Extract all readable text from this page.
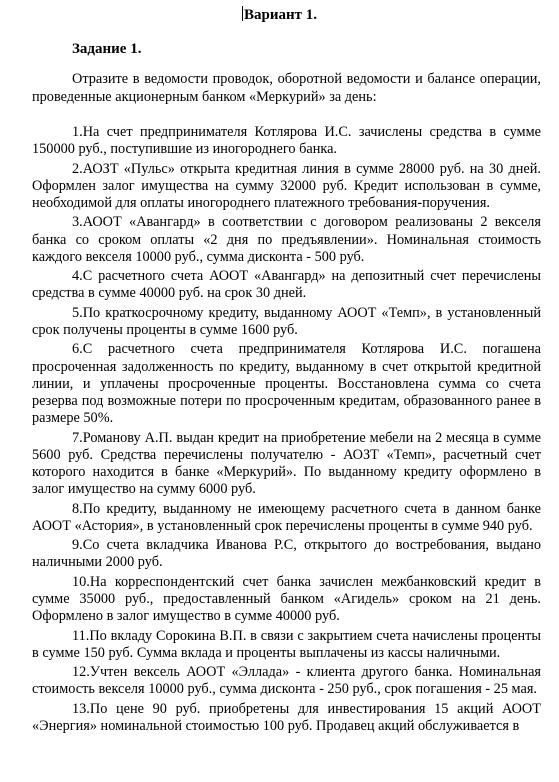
Вариант 1.
Задание 1.

Отразите в ведомости проводок, оборотной ведомости и балансе операции, проведенные акционерным банком «Меркурий» за день:

1.На счет предпринимателя Котлярова И.С. зачислены средства в сумме 150000 руб., поступившие из иногороднего банка.

2.АОЗТ «Пульс» открыта кредитная линия в сумме 28000 руб. на 30 дней. Оформлен залог имущества на сумму 32000 руб. Кредит использован в сумме, необходимой для оплаты иногороднего платежного требования-поручения.

3.АООТ «Авангард» в соответствии с договором реализованы 2 векселя банка со сроком оплаты «2 дня по предъявлении». Номинальная стоимость каждого векселя 10000 руб., сумма дисконта - 500 руб.

4.С расчетного счета АООТ «Авангард» на депозитный счет перечислены средства в сумме 40000 руб. на срок 30 дней.

5.По краткосрочному кредиту, выданному АООТ «Темп», в установленный срок получены проценты в сумме 1600 руб.

6.С расчетного счета предпринимателя Котлярова И.С. погашена просроченная задолженность по кредиту, выданному в счет открытой кредитной линии, и уплачены просроченные проценты. Восстановлена сумма со счета резерва под возможные потери по просроченным кредитам, образованного ранее в размере 50%.

7.Романову А.П. выдан кредит на приобретение мебели на 2 месяца в сумме 5600 руб. Средства перечислены получателю - АОЗТ «Темп», расчетный счет которого находится в банке «Меркурий». По выданному кредиту оформлено в залог имущество на сумму 6000 руб.

8.По кредиту, выданному не имеющему расчетного счета в данном банке АООТ «Астория», в установленный срок перечислены проценты в сумме 940 руб.

9.Со счета вкладчика Иванова Р.С, открытого до востребования, выдано наличными 2000 руб.

10.На корреспондентский счет банка зачислен межбанковский кредит в сумме 35000 руб., предоставленный банком «Агидель» сроком на 21 день. Оформлено в залог имущество в сумме 40000 руб.

11.По вкладу Сорокина В.П. в связи с закрытием счета начислены проценты в сумме 150 руб. Сумма вклада и проценты выплачены из кассы наличными.

12.Учтен вексель АООТ «Эллада» - клиента другого банка. Номинальная стоимость векселя 10000 руб., сумма дисконта - 250 руб., срок погашения - 25 мая.

13.По цене 90 руб. приобретены для инвестирования 15 акций АООТ «Энергия» номинальной стоимостью 100 руб. Продавец акций обслуживается в
